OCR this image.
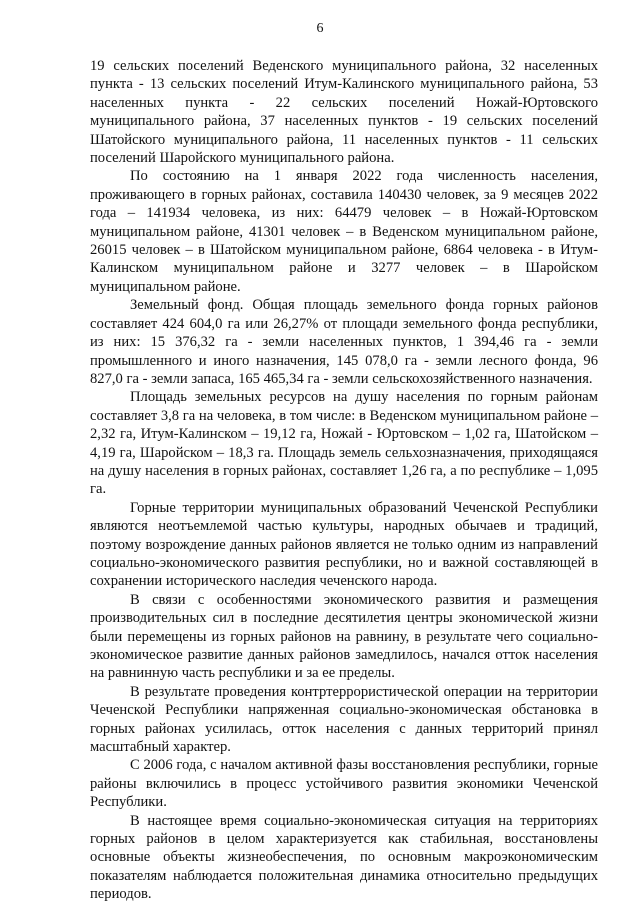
6

19 сельских поселений Веденского муниципального района, 32 населенных пункта - 13 сельских поселений Итум-Калинского муниципального района, 53 населенных пункта - 22 сельских поселений Ножай-Юртовского муниципального района, 37 населенных пунктов - 19 сельских поселений Шатойского муниципального района, 11 населенных пунктов - 11 сельских поселений Шаройского муниципального района.

По состоянию на 1 января 2022 года численность населения, проживающего в горных районах, составила 140430 человек, за 9 месяцев 2022 года – 141934 человека, из них: 64479 человек – в Ножай-Юртовском муниципальном районе, 41301 человек – в Веденском муниципальном районе, 26015 человек – в Шатойском муниципальном районе, 6864 человека - в Итум-Калинском муниципальном районе и 3277 человек – в Шаройском муниципальном районе.

Земельный фонд. Общая площадь земельного фонда горных районов составляет 424 604,0 га или 26,27% от площади земельного фонда республики, из них: 15 376,32 га - земли населенных пунктов, 1 394,46 га - земли промышленного и иного назначения, 145 078,0 га - земли лесного фонда, 96 827,0 га - земли запаса, 165 465,34 га - земли сельскохозяйственного назначения.

Площадь земельных ресурсов на душу населения по горным районам составляет 3,8 га на человека, в том числе: в Веденском муниципальном районе – 2,32 га, Итум-Калинском – 19,12 га, Ножай - Юртовском – 1,02 га, Шатойском – 4,19 га, Шаройском – 18,3 га. Площадь земель сельхозназначения, приходящаяся на душу населения в горных районах, составляет 1,26 га, а по республике – 1,095 га.

Горные территории муниципальных образований Чеченской Республики являются неотъемлемой частью культуры, народных обычаев и традиций, поэтому возрождение данных районов является не только одним из направлений социально-экономического развития республики, но и важной составляющей в сохранении исторического наследия чеченского народа.

В связи с особенностями экономического развития и размещения производительных сил в последние десятилетия центры экономической жизни были перемещены из горных районов на равнину, в результате чего социально-экономическое развитие данных районов замедлилось, начался отток населения на равнинную часть республики и за ее пределы.

В результате проведения контртеррористической операции на территории Чеченской Республики напряженная социально-экономическая обстановка в горных районах усилилась, отток населения с данных территорий принял масштабный характер.

С 2006 года, с началом активной фазы восстановления республики, горные районы включились в процесс устойчивого развития экономики Чеченской Республики.

В настоящее время социально-экономическая ситуация на территориях горных районов в целом характеризуется как стабильная, восстановлены основные объекты жизнеобеспечения, по основным макроэкономическим показателям наблюдается положительная динамика относительно предыдущих периодов.
